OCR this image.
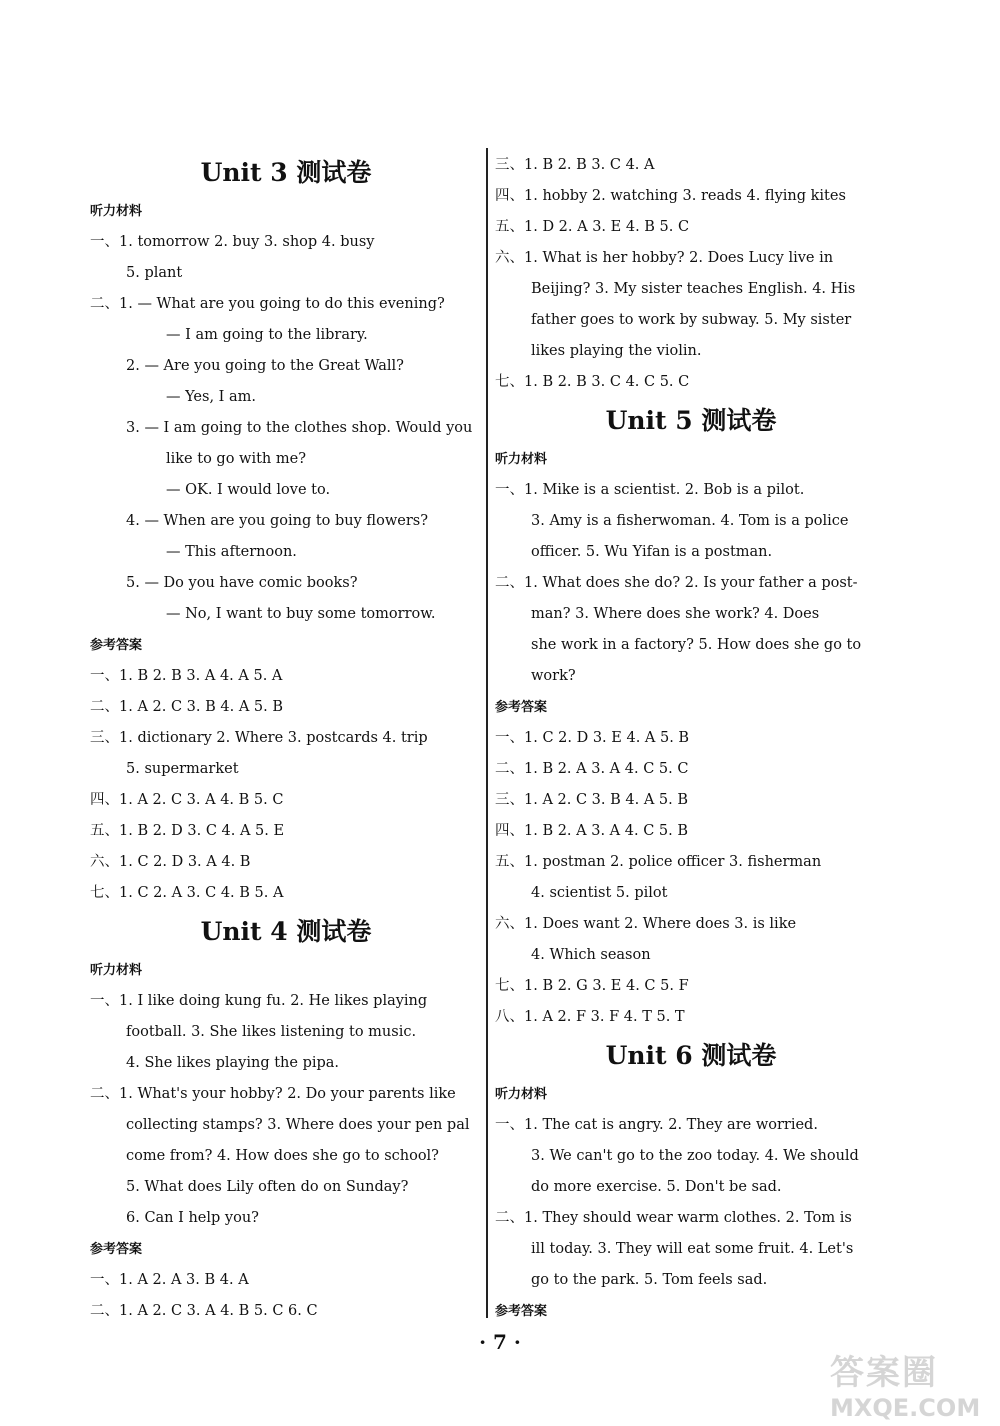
Unit 3 测试卷
听力材料
一、1. tomorrow 2. buy 3. shop 4. busy
5. plant
二、1. — What are you going to do this evening?
— I am going to the library.
2. — Are you going to the Great Wall?
— Yes, I am.
3. — I am going to the clothes shop. Would you
like to go with me?
— OK. I would love to.
4. — When are you going to buy flowers?
— This afternoon.
5. — Do you have comic books?
— No, I want to buy some tomorrow.
参考答案
一、1. B 2. B 3. A 4. A 5. A
二、1. A 2. C 3. B 4. A 5. B
三、1. dictionary 2. Where 3. postcards 4. trip
5. supermarket
四、1. A 2. C 3. A 4. B 5. C
五、1. B 2. D 3. C 4. A 5. E
六、1. C 2. D 3. A 4. B
七、1. C 2. A 3. C 4. B 5. A
Unit 4 测试卷
听力材料
一、1. I like doing kung fu. 2. He likes playing
football. 3. She likes listening to music.
4. She likes playing the pipa.
二、1. What's your hobby? 2. Do your parents like
collecting stamps? 3. Where does your pen pal
come from? 4. How does she go to school?
5. What does Lily often do on Sunday?
6. Can I help you?
参考答案
一、1. A 2. A 3. B 4. A
二、1. A 2. C 3. A 4. B 5. C 6. C
三、1. B 2. B 3. C 4. A
四、1. hobby 2. watching 3. reads 4. flying kites
五、1. D 2. A 3. E 4. B 5. C
六、1. What is her hobby? 2. Does Lucy live in
Beijing? 3. My sister teaches English. 4. His
father goes to work by subway. 5. My sister
likes playing the violin.
七、1. B 2. B 3. C 4. C 5. C
Unit 5 测试卷
听力材料
一、1. Mike is a scientist. 2. Bob is a pilot.
3. Amy is a fisherwoman. 4. Tom is a police
officer. 5. Wu Yifan is a postman.
二、1. What does she do? 2. Is your father a post-
man? 3. Where does she work? 4. Does
she work in a factory? 5. How does she go to
work?
参考答案
一、1. C 2. D 3. E 4. A 5. B
二、1. B 2. A 3. A 4. C 5. C
三、1. A 2. C 3. B 4. A 5. B
四、1. B 2. A 3. A 4. C 5. B
五、1. postman 2. police officer 3. fisherman
4. scientist 5. pilot
六、1. Does want 2. Where does 3. is like
4. Which season
七、1. B 2. G 3. E 4. C 5. F
八、1. A 2. F 3. F 4. T 5. T
Unit 6 测试卷
听力材料
一、1. The cat is angry. 2. They are worried.
3. We can't go to the zoo today. 4. We should
do more exercise. 5. Don't be sad.
二、1. They should wear warm clothes. 2. Tom is
ill today. 3. They will eat some fruit. 4. Let's
go to the park. 5. Tom feels sad.
参考答案
· 7 ·
答案圈
MXQE.COM
